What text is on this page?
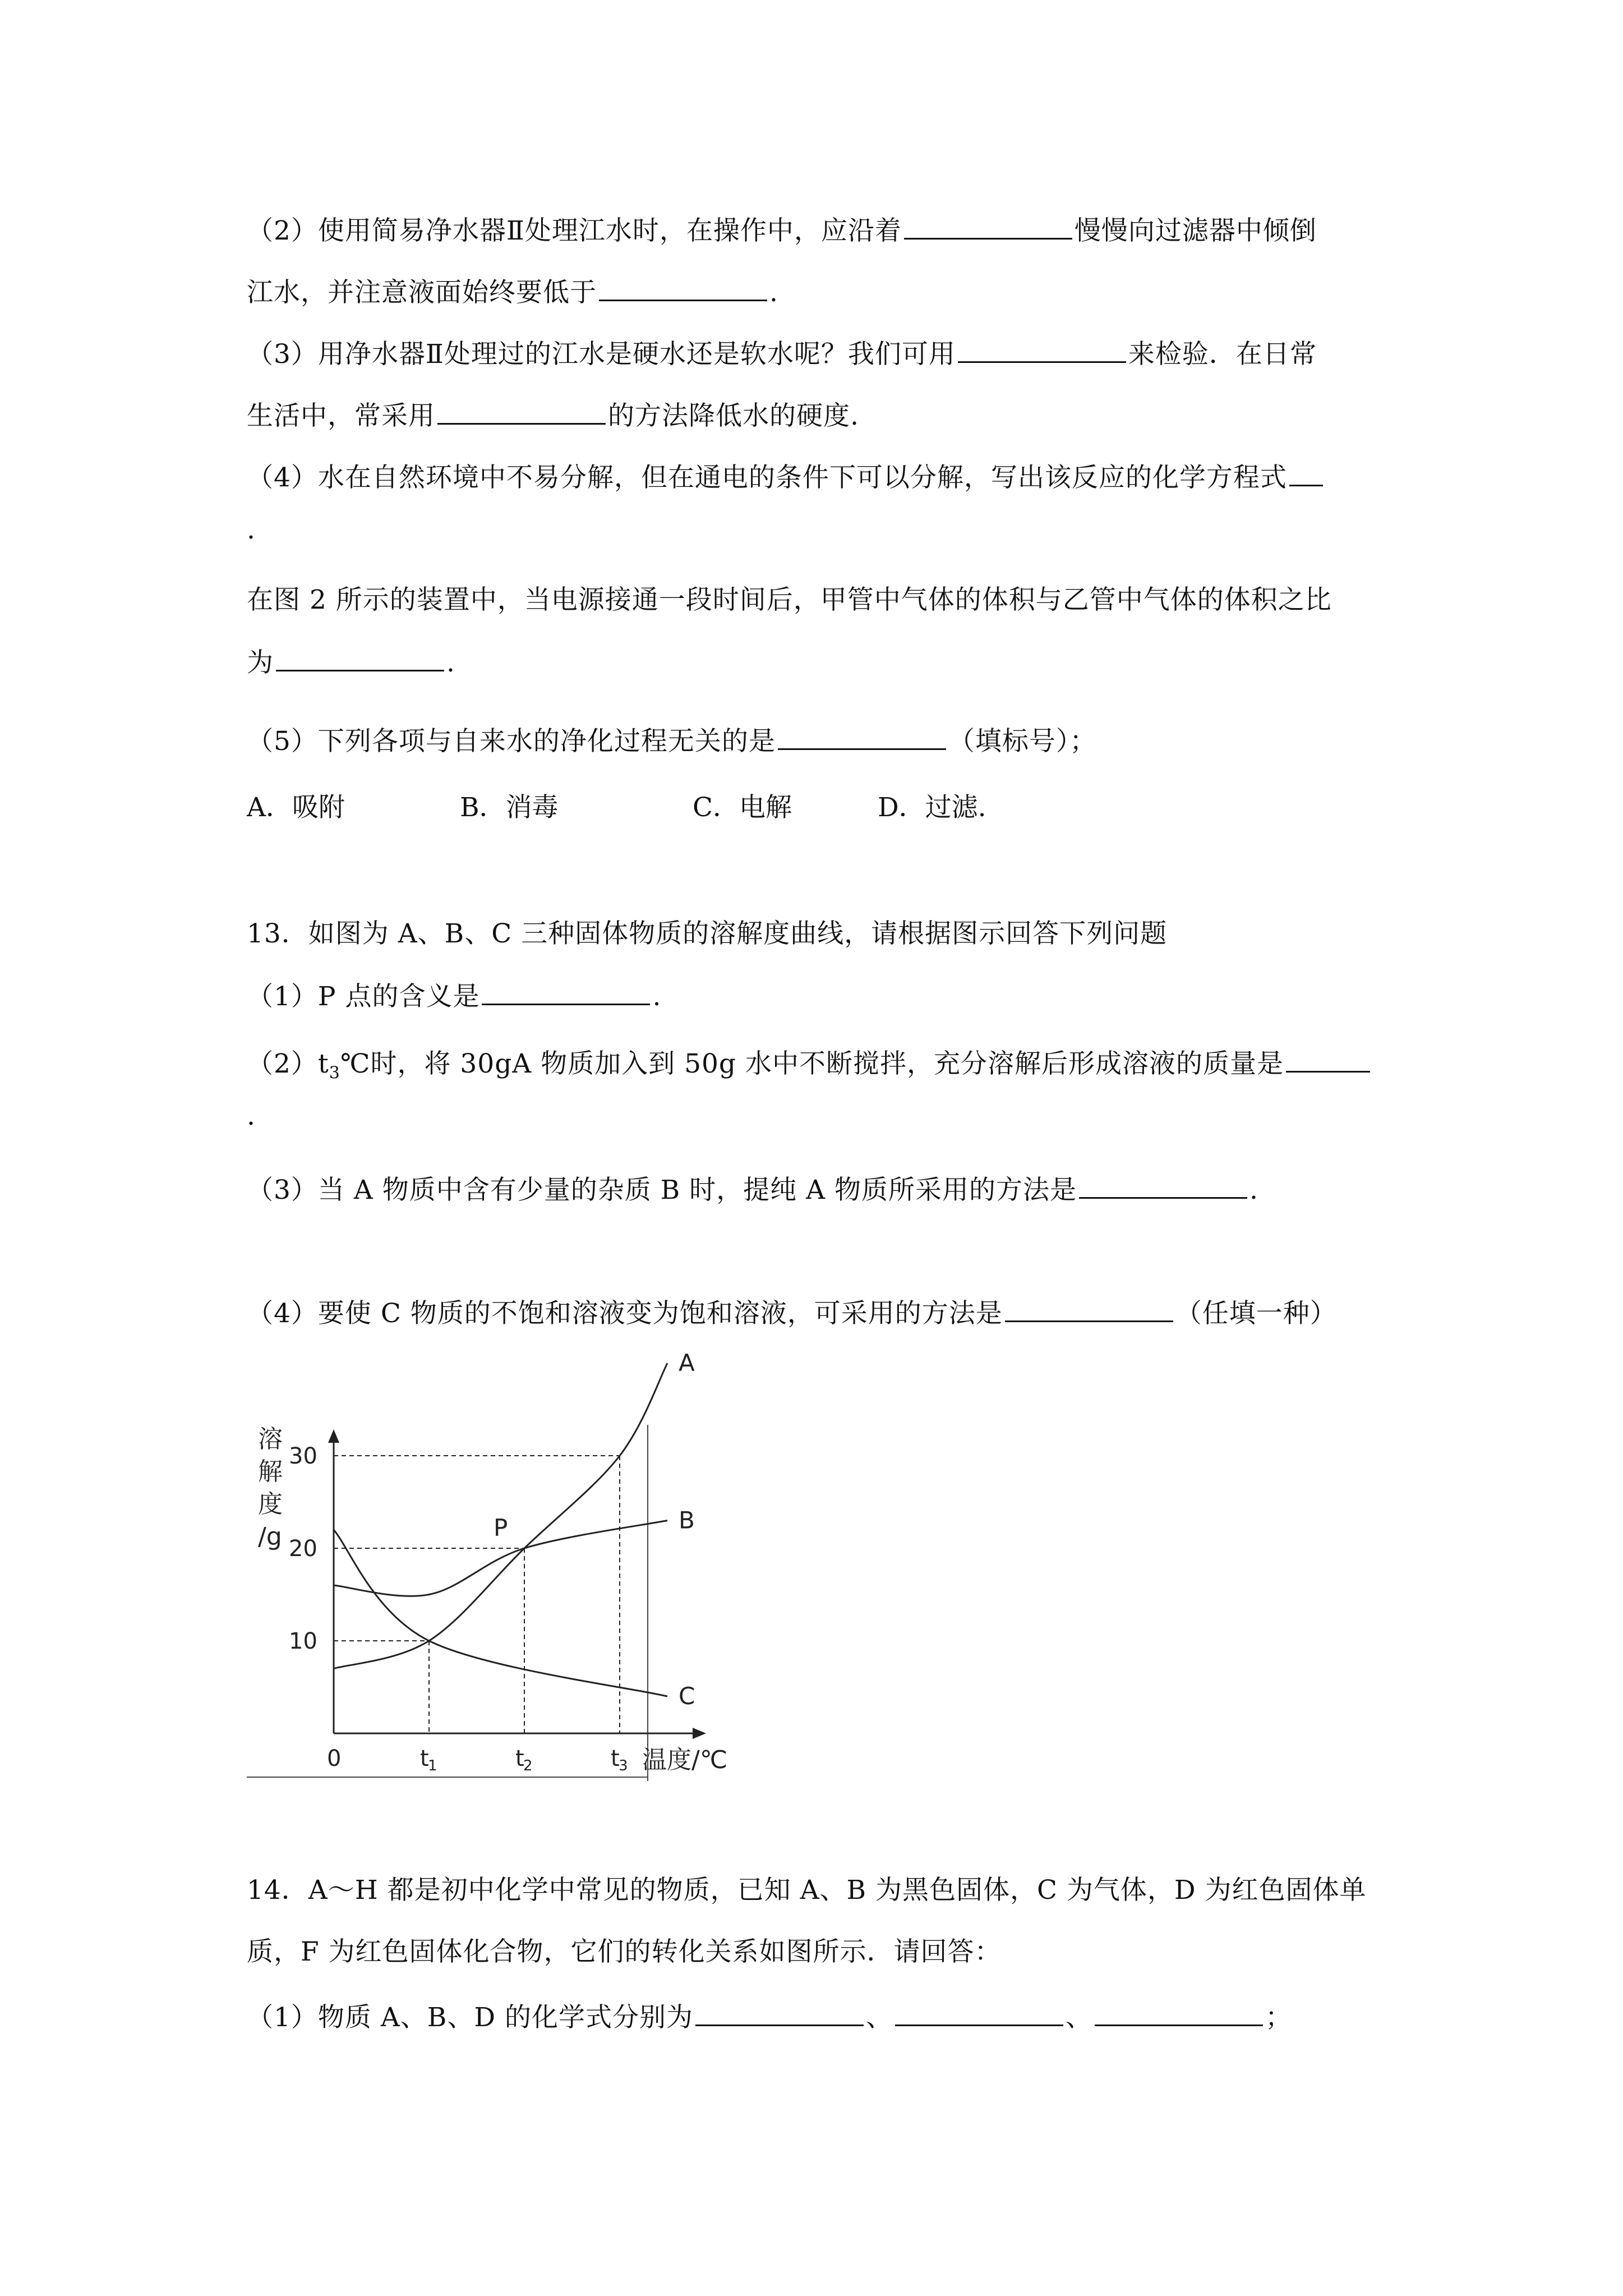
（2）使用简易净水器Ⅱ处理江水时，在操作中，应沿着	慢慢向过滤器中倾倒
江水，并注意液面始终要低于	.
（3）用净水器Ⅱ处理过的江水是硬水还是软水呢？我们可用	来检验．在日常
生活中，常采用	的方法降低水的硬度.
（4）水在自然环境中不易分解，但在通电的条件下可以分解，写出该反应的化学方程式
.
在图 2 所示的装置中，当电源接通一段时间后，甲管中气体的体积与乙管中气体的体积之比
为	.
（5）下列各项与自来水的净化过程无关的是	（填标号）；
A．吸附	B．消毒	C．电解	D．过滤.
13．如图为 A、B、C 三种固体物质的溶解度曲线，请根据图示回答下列问题
（1）P 点的含义是	.
$(2)t_3℃$时，将 30gA 物质加入到 50g 水中不断搅拌，充分溶解后形成溶液的质量是
.
（3）当 A 物质中含有少量的杂质 B 时，提纯 A 物质所采用的方法是	.
（4）要使 C 物质的不饱和溶液变为饱和溶液，可采用的方法是	（任填一种）
溶
解
度
/g
10
20
30
0	t
1	t
2	t
3 温度/℃
A
B
C
P
14．A～H 都是初中化学中常见的物质，已知 A、B 为黑色固体，C 为气体，D 为红色固体单
质，F 为红色固体化合物，它们的转化关系如图所示．请回答：
（1）物质 A、B、D 的化学式分别为	、	、	；
